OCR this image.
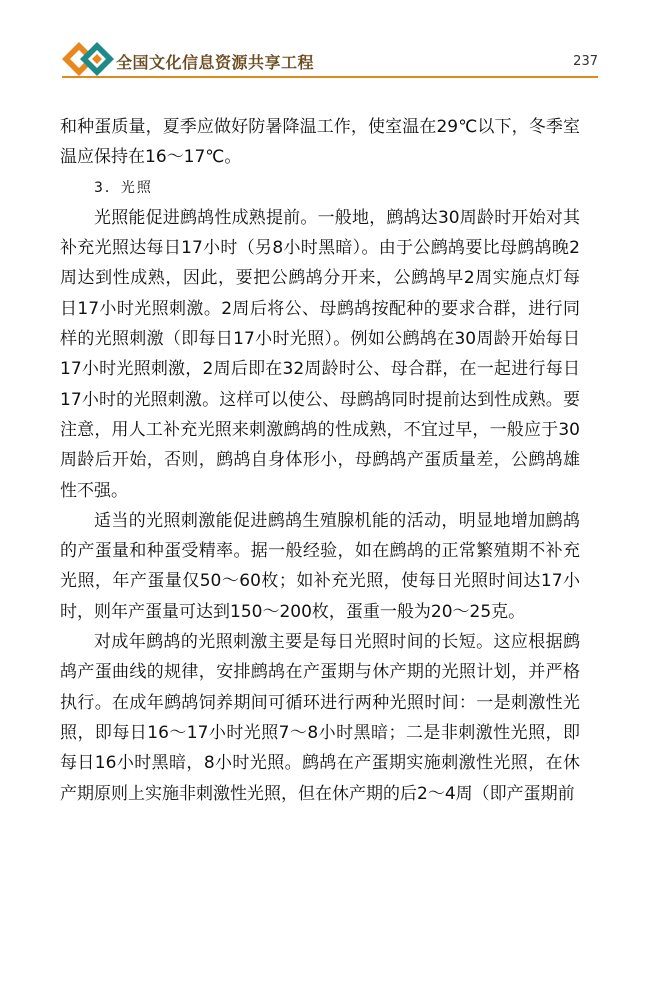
全国文化信息资源共享工程	237

和种蛋质量，夏季应做好防暑降温工作，使室温在29℃以下，冬季室温应保持在16～17℃。

3．光照

光照能促进鹧鸪性成熟提前。一般地，鹧鸪达30周龄时开始对其补充光照达每日17小时（另8小时黑暗）。由于公鹧鸪要比母鹧鸪晚2周达到性成熟，因此，要把公鹧鸪分开来，公鹧鸪早2周实施点灯每日17小时光照刺激。2周后将公、母鹧鸪按配种的要求合群，进行同样的光照刺激（即每日17小时光照）。例如公鹧鸪在30周龄开始每日17小时光照刺激，2周后即在32周龄时公、母合群，在一起进行每日17小时的光照刺激。这样可以使公、母鹧鸪同时提前达到性成熟。要注意，用人工补充光照来刺激鹧鸪的性成熟，不宜过早，一般应于30周龄后开始，否则，鹧鸪自身体形小，母鹧鸪产蛋质量差，公鹧鸪雄性不强。

适当的光照刺激能促进鹧鸪生殖腺机能的活动，明显地增加鹧鸪的产蛋量和种蛋受精率。据一般经验，如在鹧鸪的正常繁殖期不补充光照，年产蛋量仅50～60枚；如补充光照，使每日光照时间达17小时，则年产蛋量可达到150～200枚，蛋重一般为20～25克。

对成年鹧鸪的光照刺激主要是每日光照时间的长短。这应根据鹧鸪产蛋曲线的规律，安排鹧鸪在产蛋期与休产期的光照计划，并严格执行。在成年鹧鸪饲养期间可循环进行两种光照时间：一是刺激性光照，即每日16～17小时光照7～8小时黑暗；二是非刺激性光照，即每日16小时黑暗，8小时光照。鹧鸪在产蛋期实施刺激性光照，在休产期原则上实施非刺激性光照，但在休产期的后2～4周（即产蛋期前
